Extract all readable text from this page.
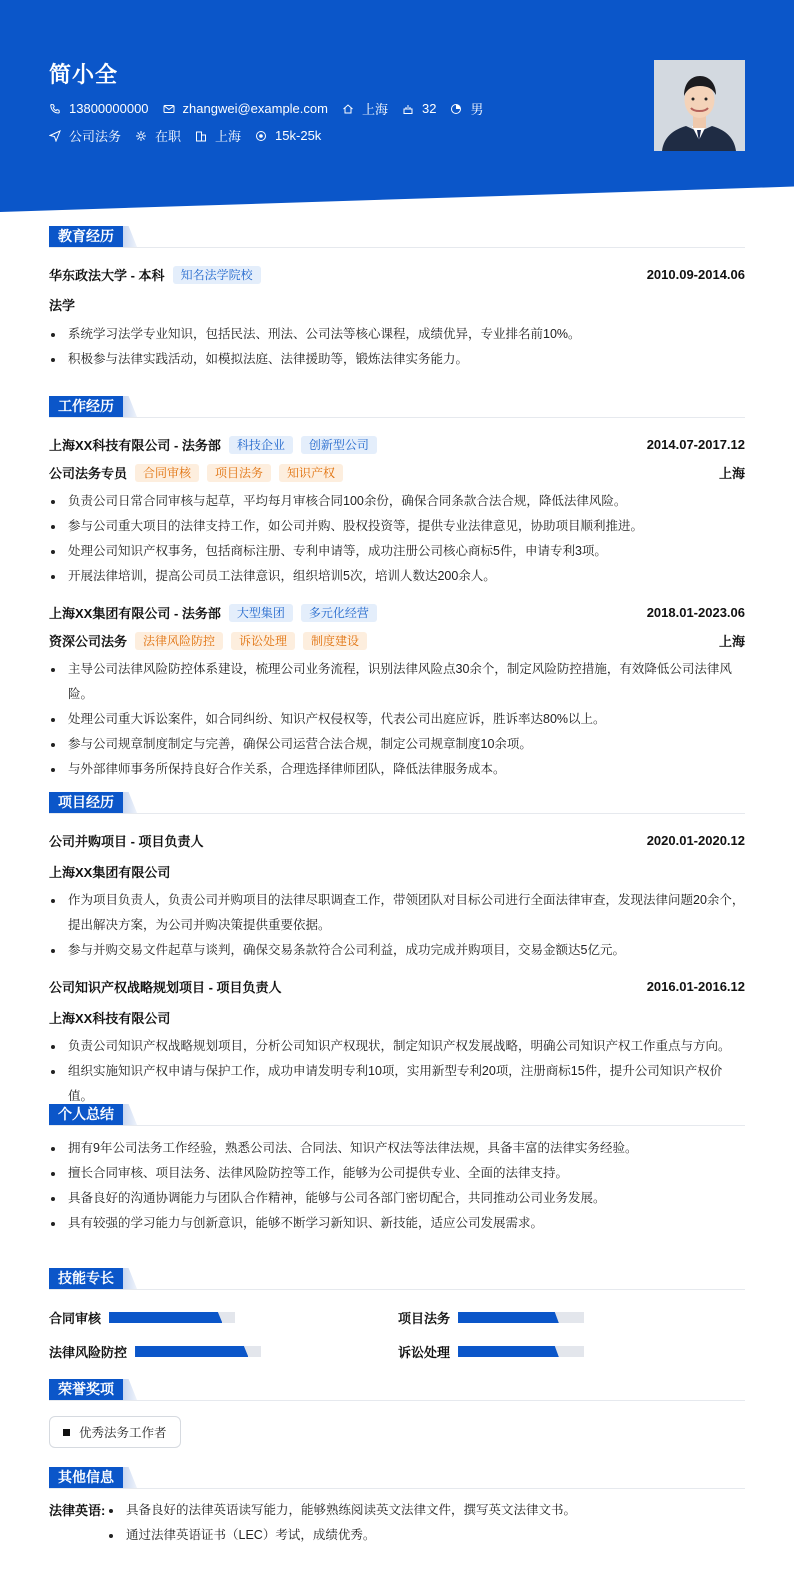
简小全
13800000000	zhangwei@example.com	上海	32	男
公司法务	在职	上海	15k-25k
教育经历
华东政法大学 - 本科	知名法学院校	2010.09-2014.06
法学
系统学习法学专业知识，包括民法、刑法、公司法等核心课程，成绩优异，专业排名前10%。
积极参与法律实践活动，如模拟法庭、法律援助等，锻炼法律实务能力。
工作经历
上海XX科技有限公司 - 法务部	科技企业	创新型公司	2014.07-2017.12
公司法务专员	合同审核	项目法务	知识产权	上海
负责公司日常合同审核与起草，平均每月审核合同100余份，确保合同条款合法合规，降低法律风险。
参与公司重大项目的法律支持工作，如公司并购、股权投资等，提供专业法律意见，协助项目顺利推进。
处理公司知识产权事务，包括商标注册、专利申请等，成功注册公司核心商标5件，申请专利3项。
开展法律培训，提高公司员工法律意识，组织培训5次，培训人数达200余人。
上海XX集团有限公司 - 法务部	大型集团	多元化经营	2018.01-2023.06
资深公司法务	法律风险防控	诉讼处理	制度建设	上海
主导公司法律风险防控体系建设，梳理公司业务流程，识别法律风险点30余个，制定风险防控措施，有效降低公司法律风险。
处理公司重大诉讼案件，如合同纠纷、知识产权侵权等，代表公司出庭应诉，胜诉率达80%以上。
参与公司规章制度制定与完善，确保公司运营合法合规，制定公司规章制度10余项。
与外部律师事务所保持良好合作关系，合理选择律师团队，降低法律服务成本。
项目经历
公司并购项目 - 项目负责人	2020.01-2020.12
上海XX集团有限公司
作为项目负责人，负责公司并购项目的法律尽职调查工作，带领团队对目标公司进行全面法律审查，发现法律问题20余个，提出解决方案，为公司并购决策提供重要依据。
参与并购交易文件起草与谈判，确保交易条款符合公司利益，成功完成并购项目，交易金额达5亿元。
公司知识产权战略规划项目 - 项目负责人	2016.01-2016.12
上海XX科技有限公司
负责公司知识产权战略规划项目，分析公司知识产权现状，制定知识产权发展战略，明确公司知识产权工作重点与方向。
组织实施知识产权申请与保护工作，成功申请发明专利10项，实用新型专利20项，注册商标15件，提升公司知识产权价值。
个人总结
拥有9年公司法务工作经验，熟悉公司法、合同法、知识产权法等法律法规，具备丰富的法律实务经验。
擅长合同审核、项目法务、法律风险防控等工作，能够为公司提供专业、全面的法律支持。
具备良好的沟通协调能力与团队合作精神，能够与公司各部门密切配合，共同推动公司业务发展。
具有较强的学习能力与创新意识，能够不断学习新知识、新技能，适应公司发展需求。
技能专长
合同审核	项目法务
法律风险防控	诉讼处理
荣誉奖项
优秀法务工作者
其他信息
法律英语:	具备良好的法律英语读写能力，能够熟练阅读英文法律文件，撰写英文法律文书。
通过法律英语证书（LEC）考试，成绩优秀。
